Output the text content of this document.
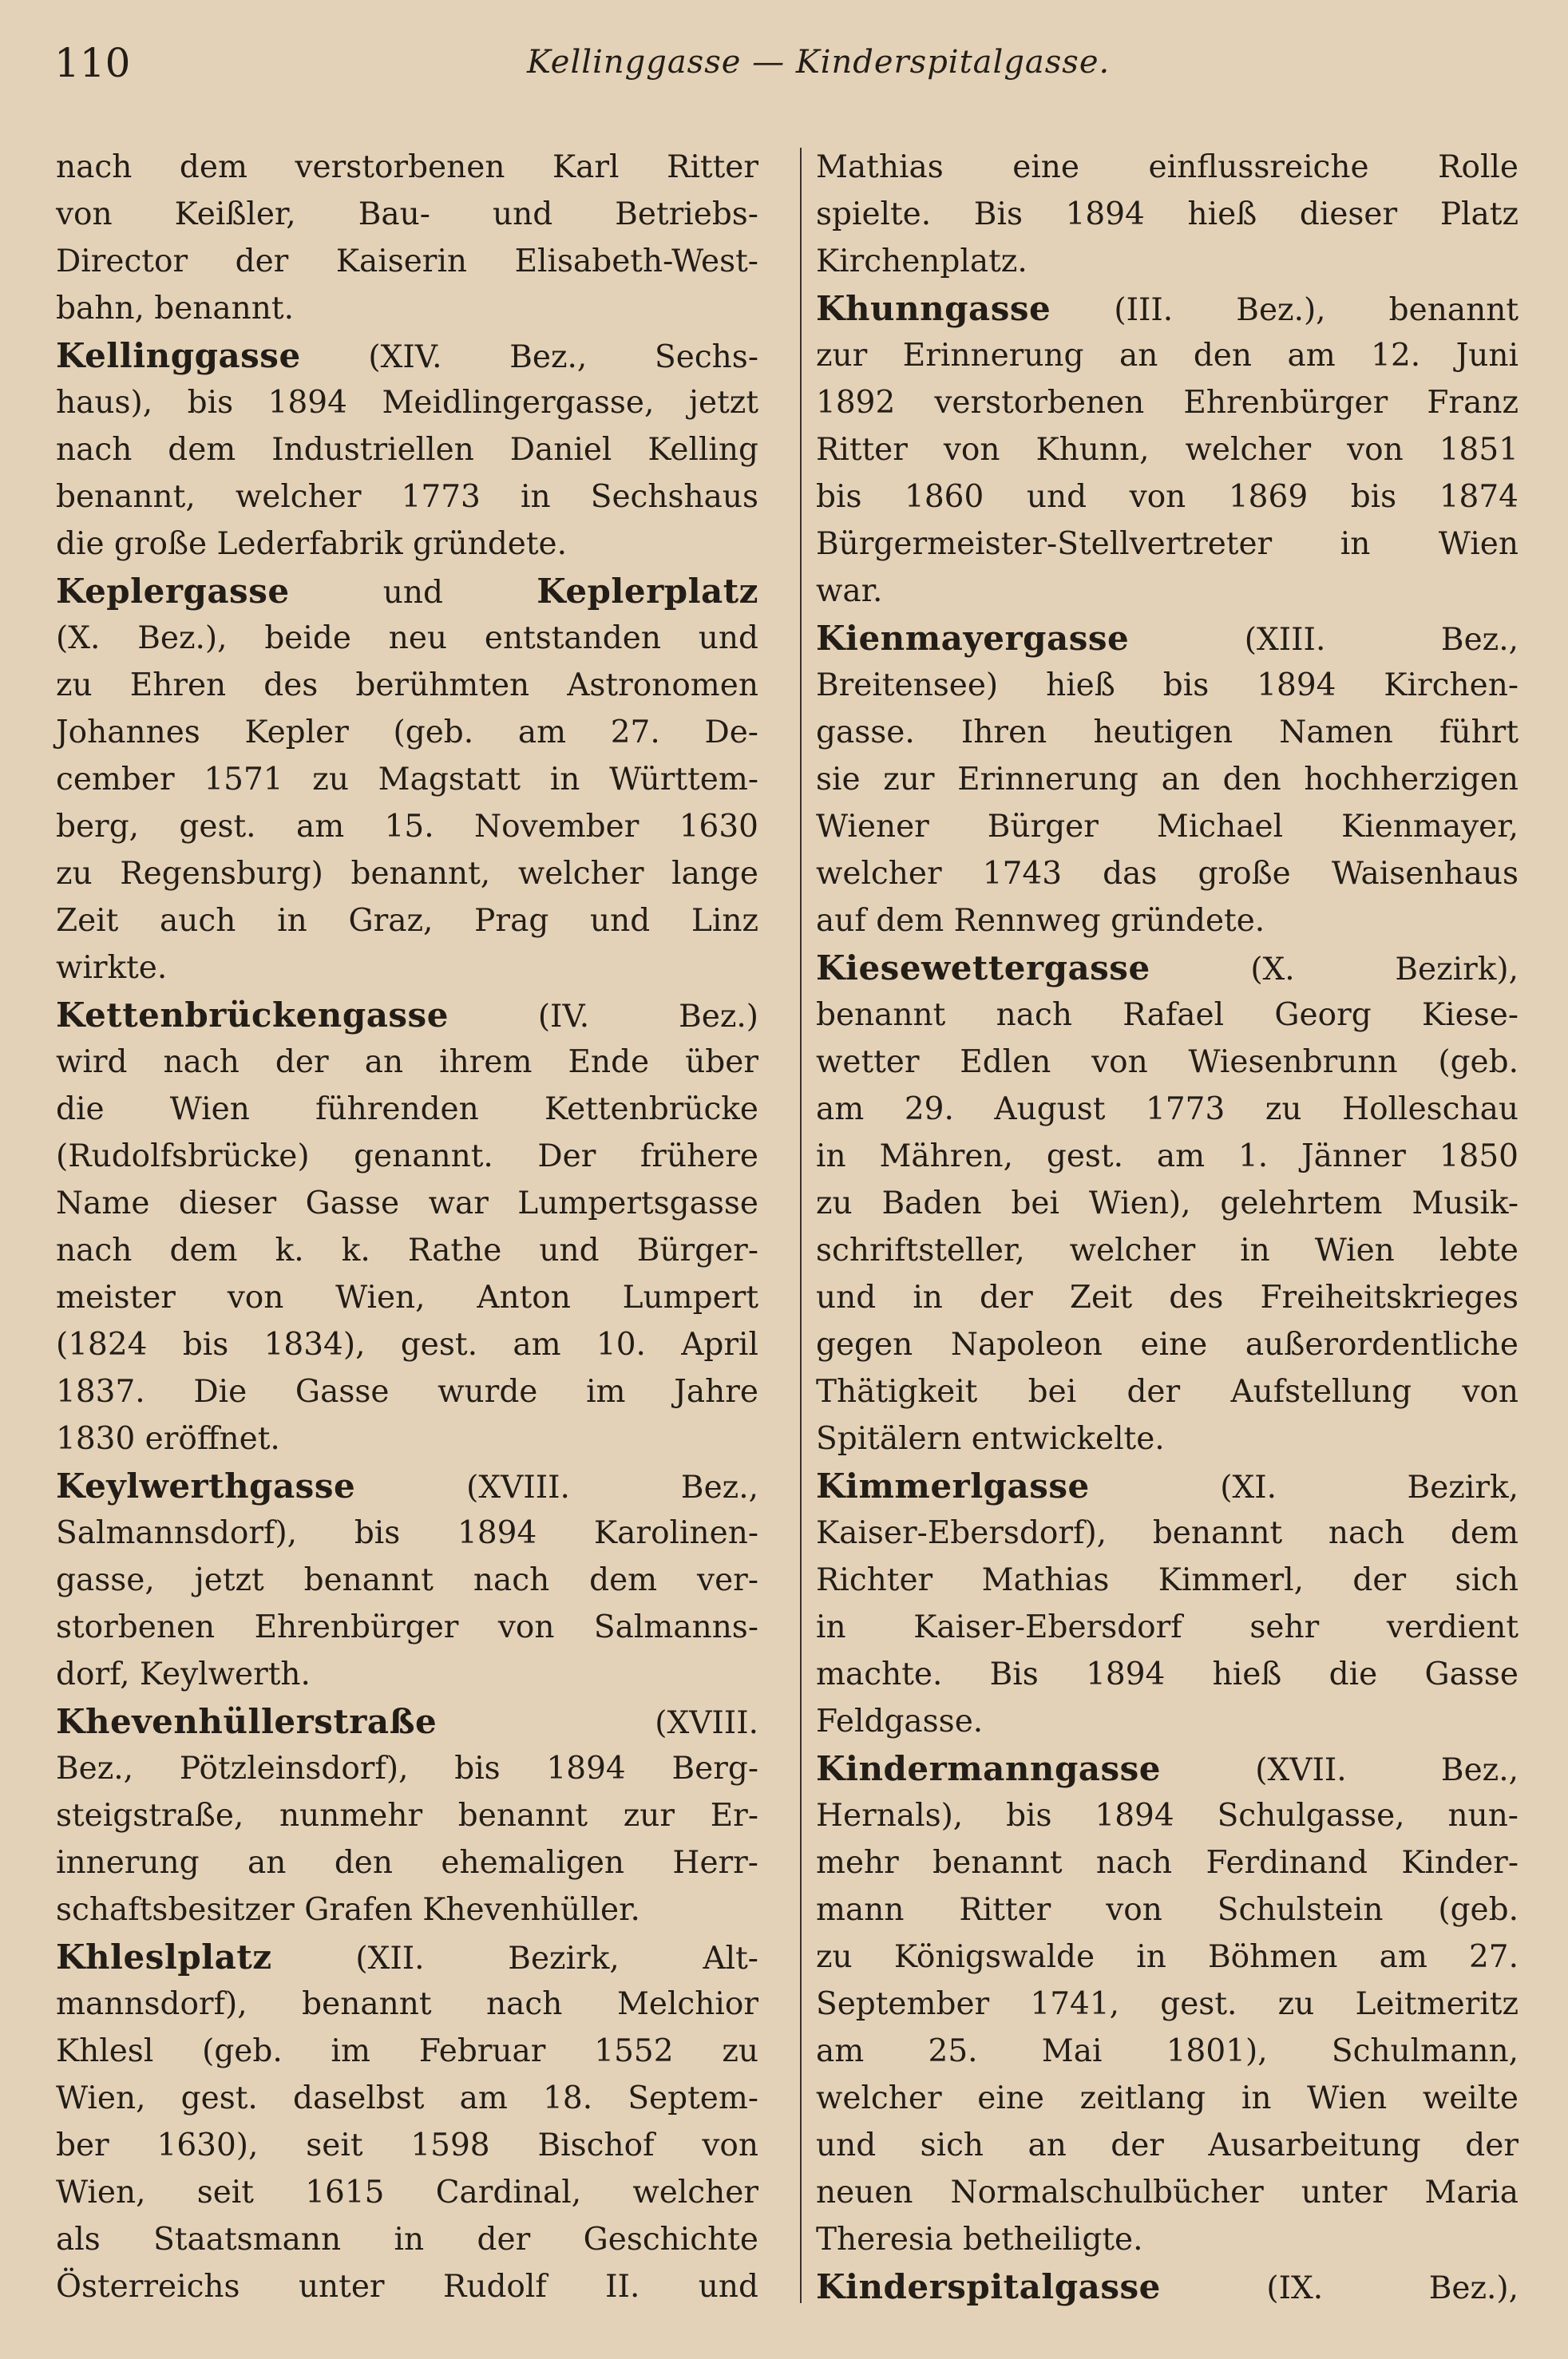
110	Kellinggasse — Kinderspitalgasse.
nach dem verstorbenen Karl Ritter
von Keißler, Bau- und Betriebs-
Director der Kaiserin Elisabeth-West-
bahn, benannt.
Kellinggasse (XIV. Bez., Sechs-
haus), bis 1894 Meidlingergasse, jetzt
nach dem Industriellen Daniel Kelling
benannt, welcher 1773 in Sechshaus
die große Lederfabrik gründete.
Keplergasse und Keplerplatz
(X. Bez.), beide neu entstanden und
zu Ehren des berühmten Astronomen
Johannes Kepler (geb. am 27. De-
cember 1571 zu Magstatt in Württem-
berg, gest. am 15. November 1630
zu Regensburg) benannt, welcher lange
Zeit auch in Graz, Prag und Linz
wirkte.
Kettenbrückengasse (IV. Bez.)
wird nach der an ihrem Ende über
die Wien führenden Kettenbrücke
(Rudolfsbrücke) genannt. Der frühere
Name dieser Gasse war Lumpertsgasse
nach dem k. k. Rathe und Bürger-
meister von Wien, Anton Lumpert
(1824 bis 1834), gest. am 10. April
1837. Die Gasse wurde im Jahre
1830 eröffnet.
Keylwerthgasse (XVIII. Bez.,
Salmannsdorf), bis 1894 Karolinen-
gasse, jetzt benannt nach dem ver-
storbenen Ehrenbürger von Salmanns-
dorf, Keylwerth.
Khevenhüllerstraße (XVIII.
Bez., Pötzleinsdorf), bis 1894 Berg-
steigstraße, nunmehr benannt zur Er-
innerung an den ehemaligen Herr-
schaftsbesitzer Grafen Khevenhüller.
Khleslplatz (XII. Bezirk, Alt-
mannsdorf), benannt nach Melchior
Khlesl (geb. im Februar 1552 zu
Wien, gest. daselbst am 18. Septem-
ber 1630), seit 1598 Bischof von
Wien, seit 1615 Cardinal, welcher
als Staatsmann in der Geschichte
Österreichs unter Rudolf II. und
Mathias eine einflussreiche Rolle
spielte. Bis 1894 hieß dieser Platz
Kirchenplatz.
Khunngasse (III. Bez.), benannt
zur Erinnerung an den am 12. Juni
1892 verstorbenen Ehrenbürger Franz
Ritter von Khunn, welcher von 1851
bis 1860 und von 1869 bis 1874
Bürgermeister-Stellvertreter in Wien
war.
Kienmayergasse (XIII. Bez.,
Breitensee) hieß bis 1894 Kirchen-
gasse. Ihren heutigen Namen führt
sie zur Erinnerung an den hochherzigen
Wiener Bürger Michael Kienmayer,
welcher 1743 das große Waisenhaus
auf dem Rennweg gründete.
Kiesewettergasse (X. Bezirk),
benannt nach Rafael Georg Kiese-
wetter Edlen von Wiesenbrunn (geb.
am 29. August 1773 zu Holleschau
in Mähren, gest. am 1. Jänner 1850
zu Baden bei Wien), gelehrtem Musik-
schriftsteller, welcher in Wien lebte
und in der Zeit des Freiheitskrieges
gegen Napoleon eine außerordentliche
Thätigkeit bei der Aufstellung von
Spitälern entwickelte.
Kimmerlgasse (XI. Bezirk,
Kaiser-Ebersdorf), benannt nach dem
Richter Mathias Kimmerl, der sich
in Kaiser-Ebersdorf sehr verdient
machte. Bis 1894 hieß die Gasse
Feldgasse.
Kindermanngasse (XVII. Bez.,
Hernals), bis 1894 Schulgasse, nun-
mehr benannt nach Ferdinand Kinder-
mann Ritter von Schulstein (geb.
zu Königswalde in Böhmen am 27.
September 1741, gest. zu Leitmeritz
am 25. Mai 1801), Schulmann,
welcher eine zeitlang in Wien weilte
und sich an der Ausarbeitung der
neuen Normalschulbücher unter Maria
Theresia betheiligte.
Kinderspitalgasse (IX. Bez.),
